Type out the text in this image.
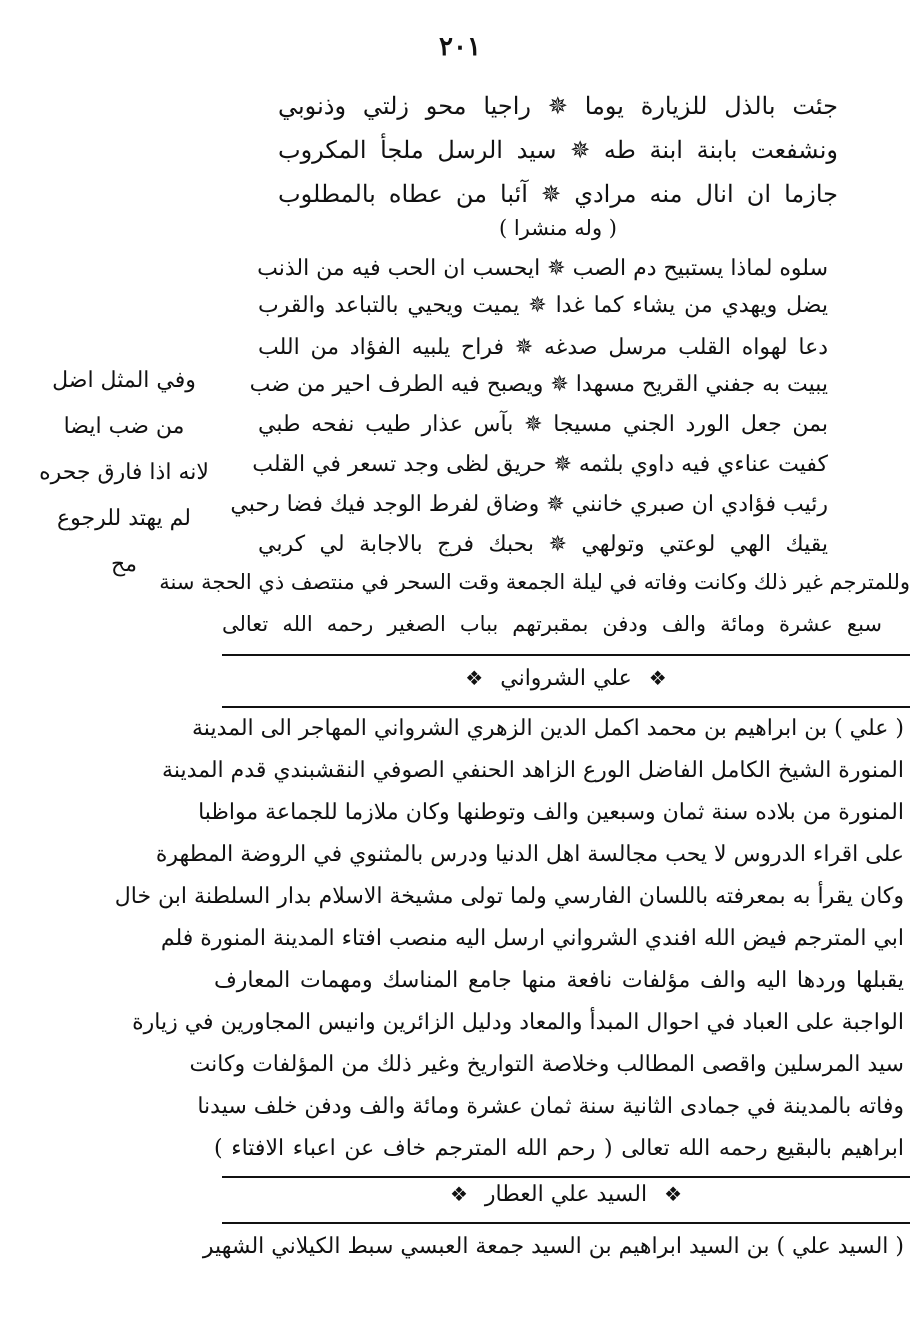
٢٠١
جئت بالذل للزيارة يوما ✵ راجيا محو زلتي وذنوبي
ونشفعت بابنة ابنة طه ✵ سيد الرسل ملجأ المكروب
جازما ان انال منه مرادي ✵ آئبا من عطاه بالمطلوب
( وله منشرا )
سلوه لماذا يستبيح دم الصب ✵ ايحسب ان الحب فيه من الذنب
يضل ويهدي من يشاء كما غدا ✵ يميت ويحيي بالتباعد والقرب
دعا لهواه القلب مرسل صدغه ✵ فراح يلبيه الفؤاد من اللب
يبيت به جفني القريح مسهدا ✵ ويصبح فيه الطرف احير من ضب
بمن جعل الورد الجني مسيجا ✵ بآس عذار طيب نفحه طبي
كفيت عناءي فيه داوي بلثمه ✵ حريق لظى وجد تسعر في القلب
رئيب فؤادي ان صبري خانني ✵ وضاق لفرط الوجد فيك فضا رحبي
يقيك الهي لوعتي وتولهي ✵ بحبك فرج بالاجابة لي كربي
وللمترجم غير ذلك وكانت وفاته في ليلة الجمعة وقت السحر في منتصف ذي الحجة سنة
سبع عشرة ومائة والف ودفن بمقبرتهم بباب الصغير رحمه الله تعالى
وفي المثل اضل
من ضب ايضا
لانه اذا فارق جحره
لم يهتد للرجوع
مح
❖ علي الشرواني ❖
( علي ) بن ابراهيم بن محمد اكمل الدين الزهري الشرواني المهاجر الى المدينة
المنورة الشيخ الكامل الفاضل الورع الزاهد الحنفي الصوفي النقشبندي قدم المدينة
المنورة من بلاده سنة ثمان وسبعين والف وتوطنها وكان ملازما للجماعة مواظبا
على اقراء الدروس لا يحب مجالسة اهل الدنيا ودرس بالمثنوي في الروضة المطهرة
وكان يقرأ به بمعرفته باللسان الفارسي ولما تولى مشيخة الاسلام بدار السلطنة ابن خال
ابي المترجم فيض الله افندي الشرواني ارسل اليه منصب افتاء المدينة المنورة فلم
يقبلها وردها اليه والف مؤلفات نافعة منها جامع المناسك ومهمات المعارف
الواجبة على العباد في احوال المبدأ والمعاد ودليل الزائرين وانيس المجاورين في زيارة
سيد المرسلين واقصى المطالب وخلاصة التواريخ وغير ذلك من المؤلفات وكانت
وفاته بالمدينة في جمادى الثانية سنة ثمان عشرة ومائة والف ودفن خلف سيدنا
ابراهيم بالبقيع رحمه الله تعالى ( رحم الله المترجم خاف عن اعباء الافتاء )
❖ السيد علي العطار ❖
( السيد علي ) بن السيد ابراهيم بن السيد جمعة العبسي سبط الكيلاني الشهير
